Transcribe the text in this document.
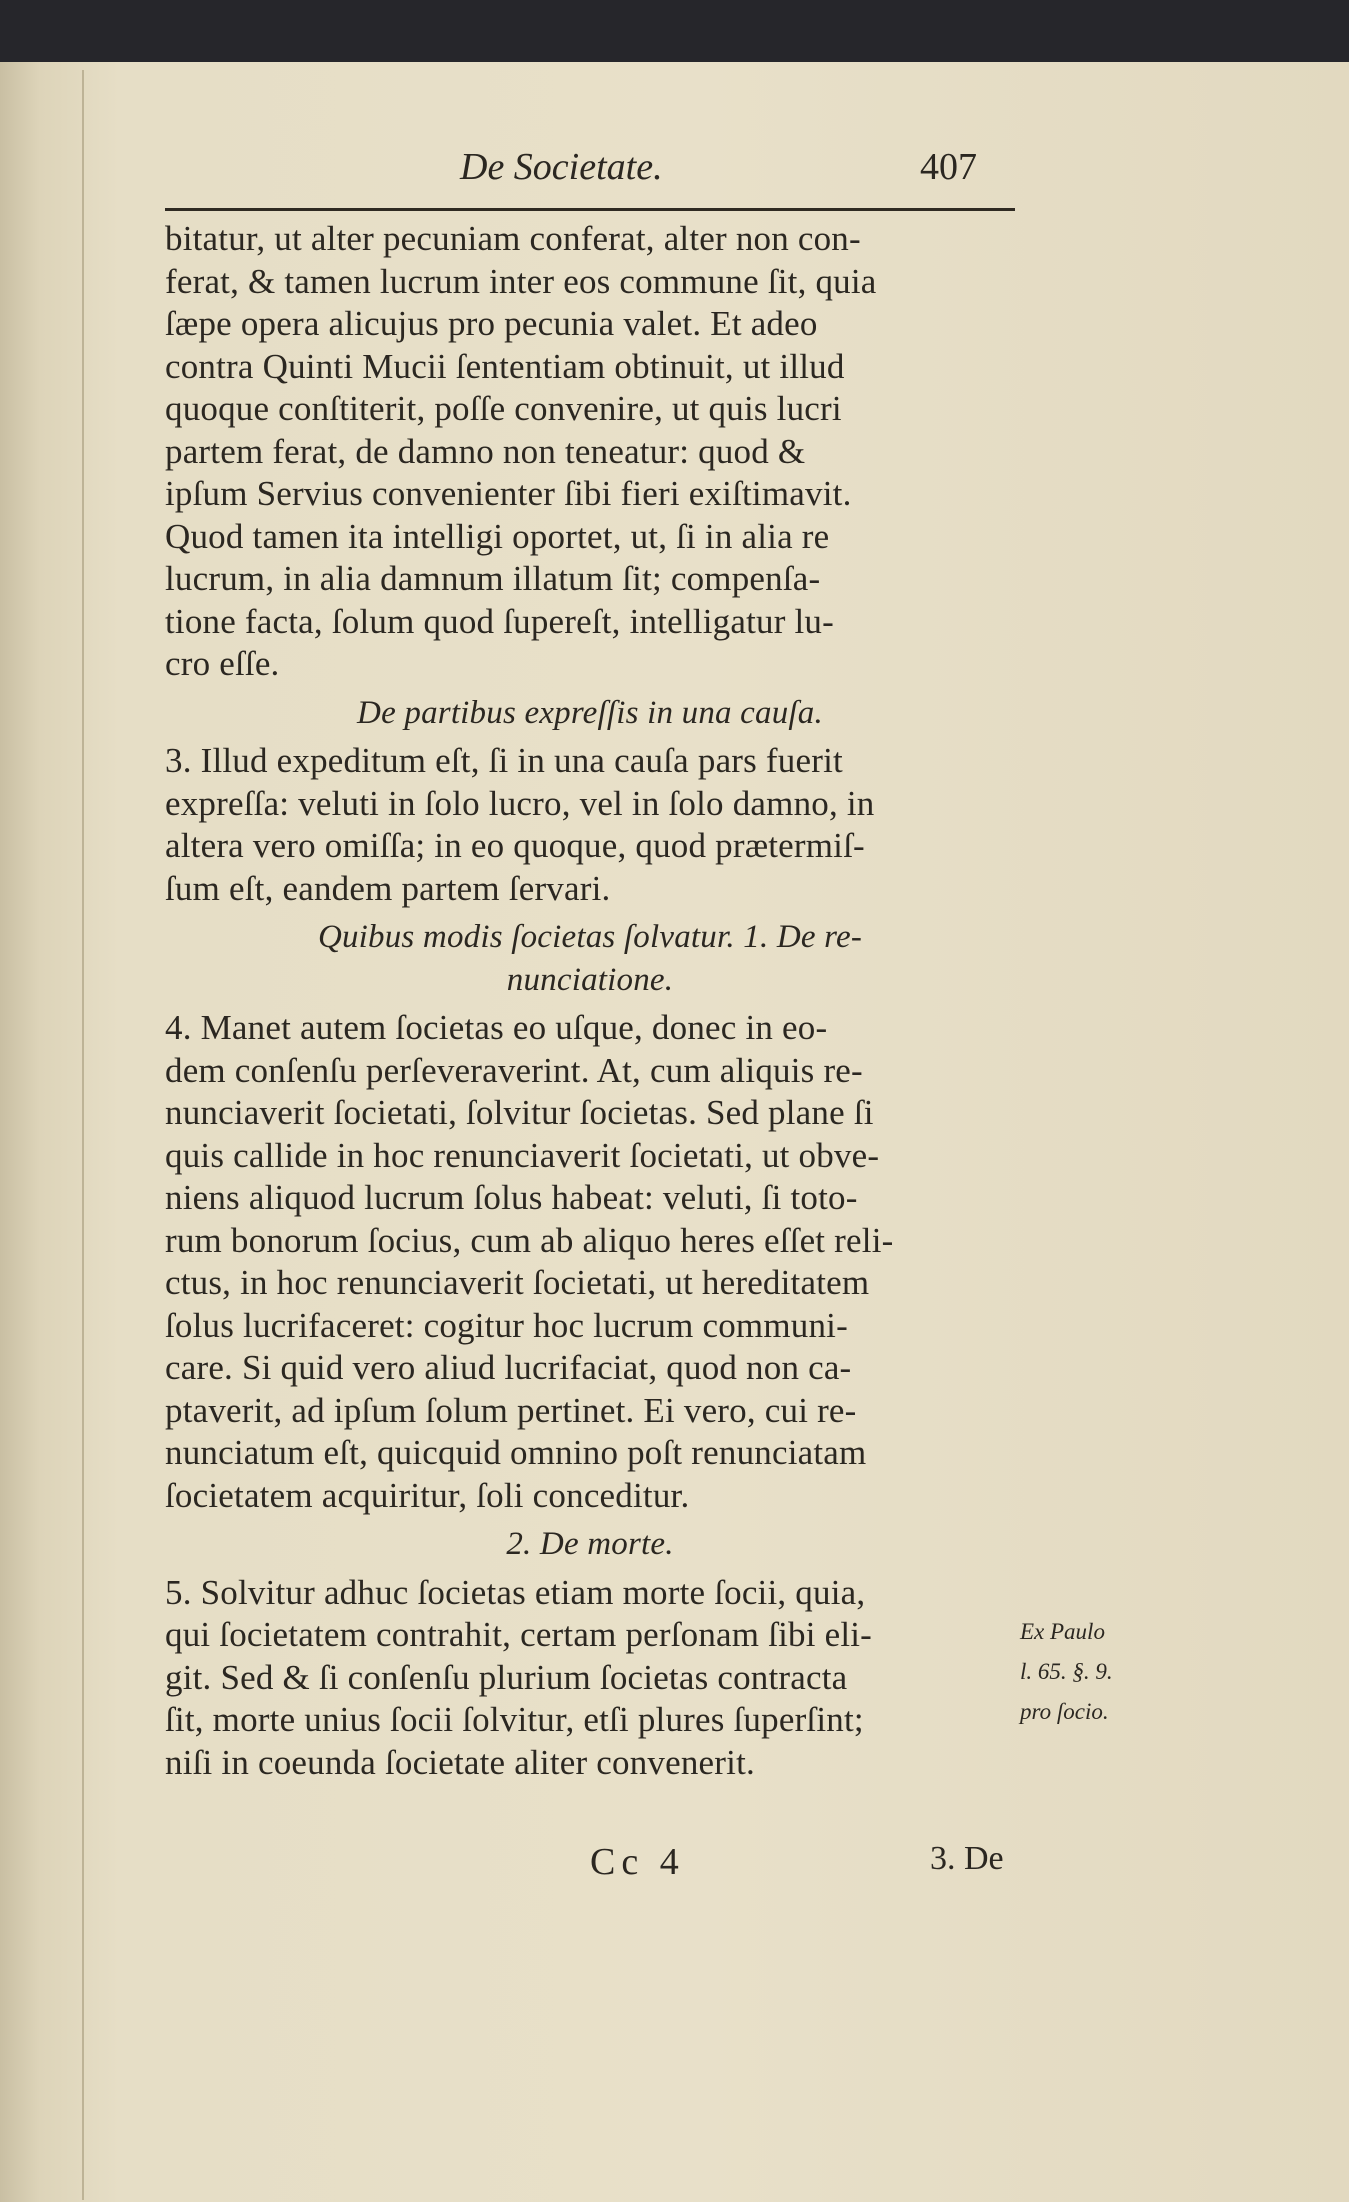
De Societate.	407
bitatur, ut alter pecuniam conferat, alter non con-
ferat, & tamen lucrum inter eos commune ſit, quia
ſæpe opera alicujus pro pecunia valet. Et adeo
contra Quinti Mucii ſententiam obtinuit, ut illud
quoque conſtiterit, poſſe convenire, ut quis lucri
partem ferat, de damno non teneatur: quod &
ipſum Servius convenienter ſibi fieri exiſtimavit.
Quod tamen ita intelligi oportet, ut, ſi in alia re
lucrum, in alia damnum illatum ſit; compenſa-
tione facta, ſolum quod ſupereſt, intelligatur lu-
cro eſſe.
De partibus expreſſis in una cauſa.
3. Illud expeditum eſt, ſi in una cauſa pars fuerit
expreſſa: veluti in ſolo lucro, vel in ſolo damno, in
altera vero omiſſa; in eo quoque, quod prætermiſ-
ſum eſt, eandem partem ſervari.
Quibus modis ſocietas ſolvatur. 1. De re-
nunciatione.
4. Manet autem ſocietas eo uſque, donec in eo-
dem conſenſu perſeveraverint. At, cum aliquis re-
nunciaverit ſocietati, ſolvitur ſocietas. Sed plane ſi
quis callide in hoc renunciaverit ſocietati, ut obve-
niens aliquod lucrum ſolus habeat: veluti, ſi toto-
rum bonorum ſocius, cum ab aliquo heres eſſet reli-
ctus, in hoc renunciaverit ſocietati, ut hereditatem
ſolus lucrifaceret: cogitur hoc lucrum communi-
care. Si quid vero aliud lucrifaciat, quod non ca-
ptaverit, ad ipſum ſolum pertinet. Ei vero, cui re-
nunciatum eſt, quicquid omnino poſt renunciatam
ſocietatem acquiritur, ſoli conceditur.
2. De morte.
5. Solvitur adhuc ſocietas etiam morte ſocii, quia,
qui ſocietatem contrahit, certam perſonam ſibi eli-
git. Sed & ſi conſenſu plurium ſocietas contracta
ſit, morte unius ſocii ſolvitur, etſi plures ſuperſint;
niſi in coeunda ſocietate aliter convenerit.
Ex Paulo
l. 65. §. 9.
pro ſocio.
Cc 4	3. De
